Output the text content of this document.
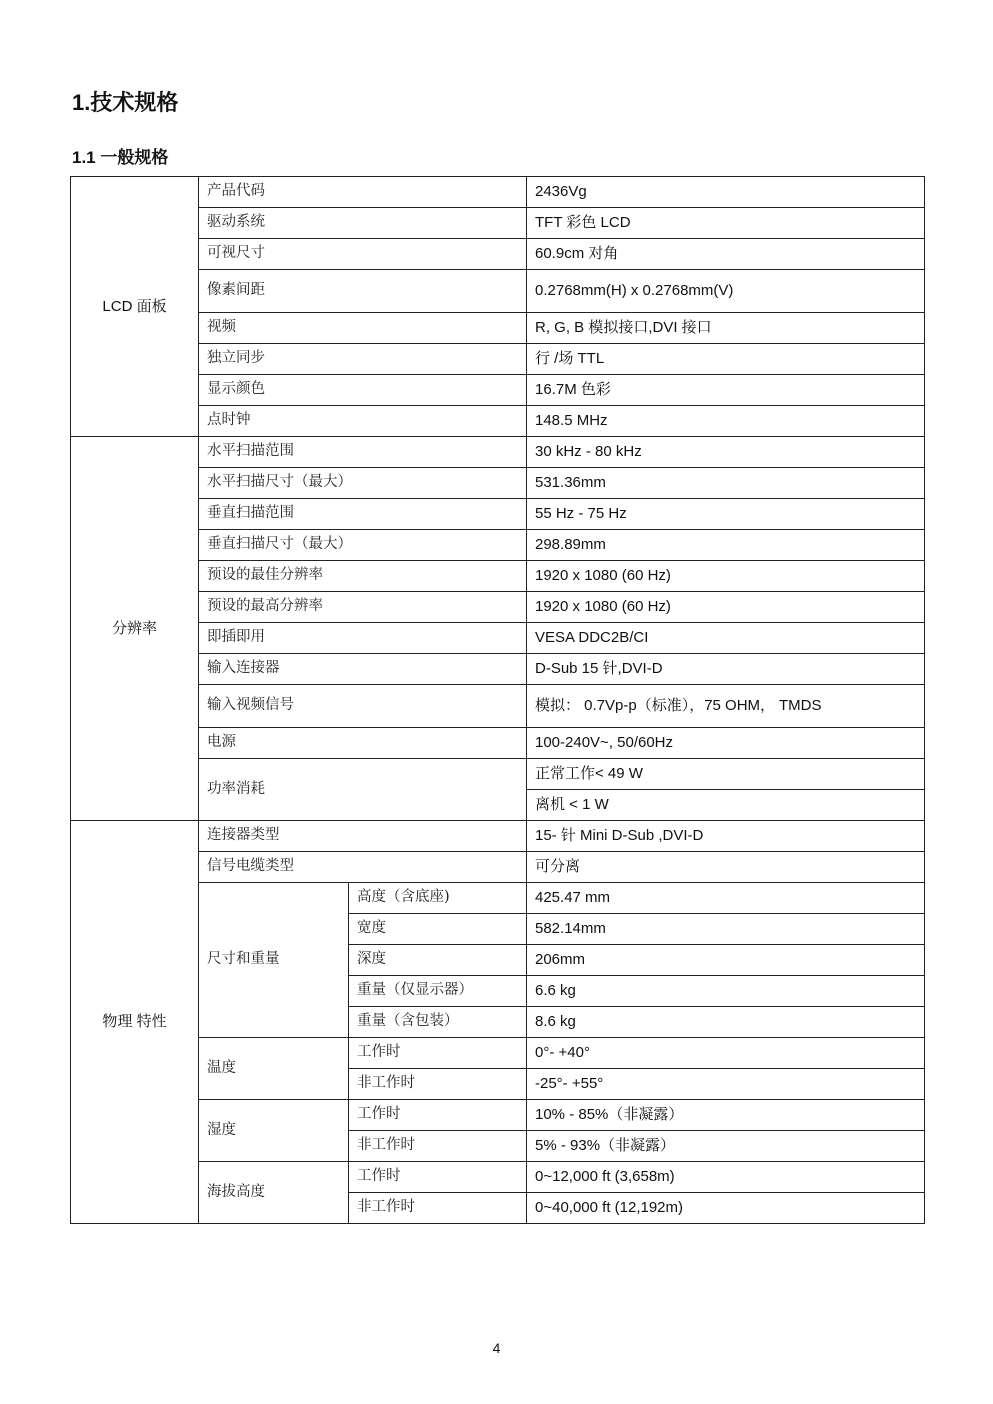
1.技术规格
1.1 一般规格
LCD 面板	产品代码		2436Vg
	驱动系统		TFT 彩色 LCD
	可视尺寸		60.9cm 对角
	像素间距		0.2768mm(H) x 0.2768mm(V)
	视频		R, G, B 模拟接口,DVI 接口
	独立同步		行 /场 TTL
	显示颜色		16.7M 色彩
	点时钟		148.5 MHz
分辨率	水平扫描范围		30 kHz - 80 kHz
	水平扫描尺寸（最大）		531.36mm
	垂直扫描范围		55 Hz - 75 Hz
	垂直扫描尺寸（最大）		298.89mm
	预设的最佳分辨率		1920 x 1080 (60 Hz)
	预设的最高分辨率		1920 x 1080 (60 Hz)
	即插即用		VESA DDC2B/CI
	输入连接器		D-Sub 15 针,DVI-D
	输入视频信号		模拟： 0.7Vp-p（标准），75 OHM， TMDS
	电源		100-240V~, 50/60Hz
	功率消耗		正常工作< 49 W
			离机 < 1 W
物理 特性	连接器类型		15- 针 Mini D-Sub ,DVI-D
	信号电缆类型		可分离
	尺寸和重量	高度（含底座)	425.47 mm
		宽度	582.14mm
		深度	206mm
		重量（仅显示器）	6.6 kg
		重量（含包装）	8.6 kg
	温度	工作时	0°- +40°
		非工作时	-25°- +55°
	湿度	工作时	10% - 85%（非凝露）
		非工作时	5% - 93%（非凝露）
	海拔高度	工作时	0~12,000 ft (3,658m)
		非工作时	0~40,000 ft (12,192m)
4
